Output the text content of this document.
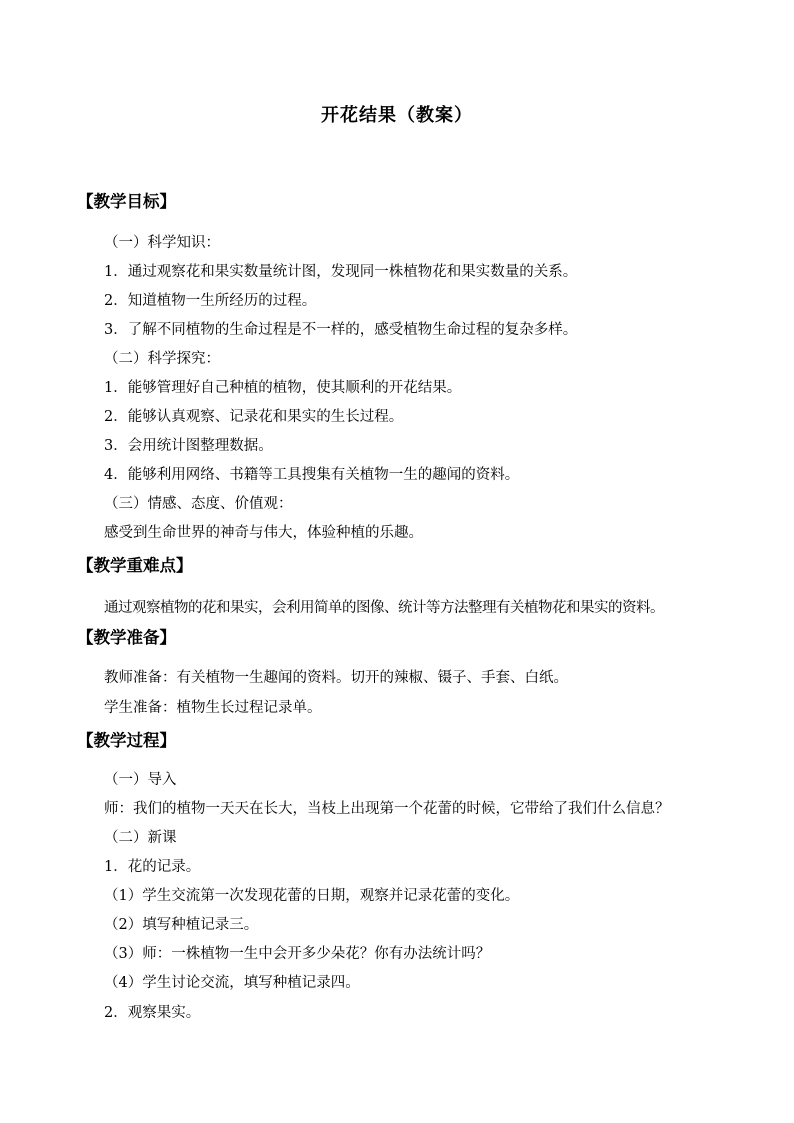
开花结果（教案）
【教学目标】
（一）科学知识：
1．通过观察花和果实数量统计图，发现同一株植物花和果实数量的关系。
2．知道植物一生所经历的过程。
3．了解不同植物的生命过程是不一样的，感受植物生命过程的复杂多样。
（二）科学探究：
1．能够管理好自己种植的植物，使其顺利的开花结果。
2．能够认真观察、记录花和果实的生长过程。
3．会用统计图整理数据。
4．能够利用网络、书籍等工具搜集有关植物一生的趣闻的资料。
（三）情感、态度、价值观：
感受到生命世界的神奇与伟大，体验种植的乐趣。
【教学重难点】
通过观察植物的花和果实，会利用简单的图像、统计等方法整理有关植物花和果实的资料。
【教学准备】
教师准备：有关植物一生趣闻的资料。切开的辣椒、镊子、手套、白纸。
学生准备：植物生长过程记录单。
【教学过程】
（一）导入
师：我们的植物一天天在长大，当枝上出现第一个花蕾的时候，它带给了我们什么信息？
（二）新课
1．花的记录。
（1）学生交流第一次发现花蕾的日期，观察并记录花蕾的变化。
（2）填写种植记录三。
（3）师：一株植物一生中会开多少朵花？你有办法统计吗？
（4）学生讨论交流，填写种植记录四。
2．观察果实。
